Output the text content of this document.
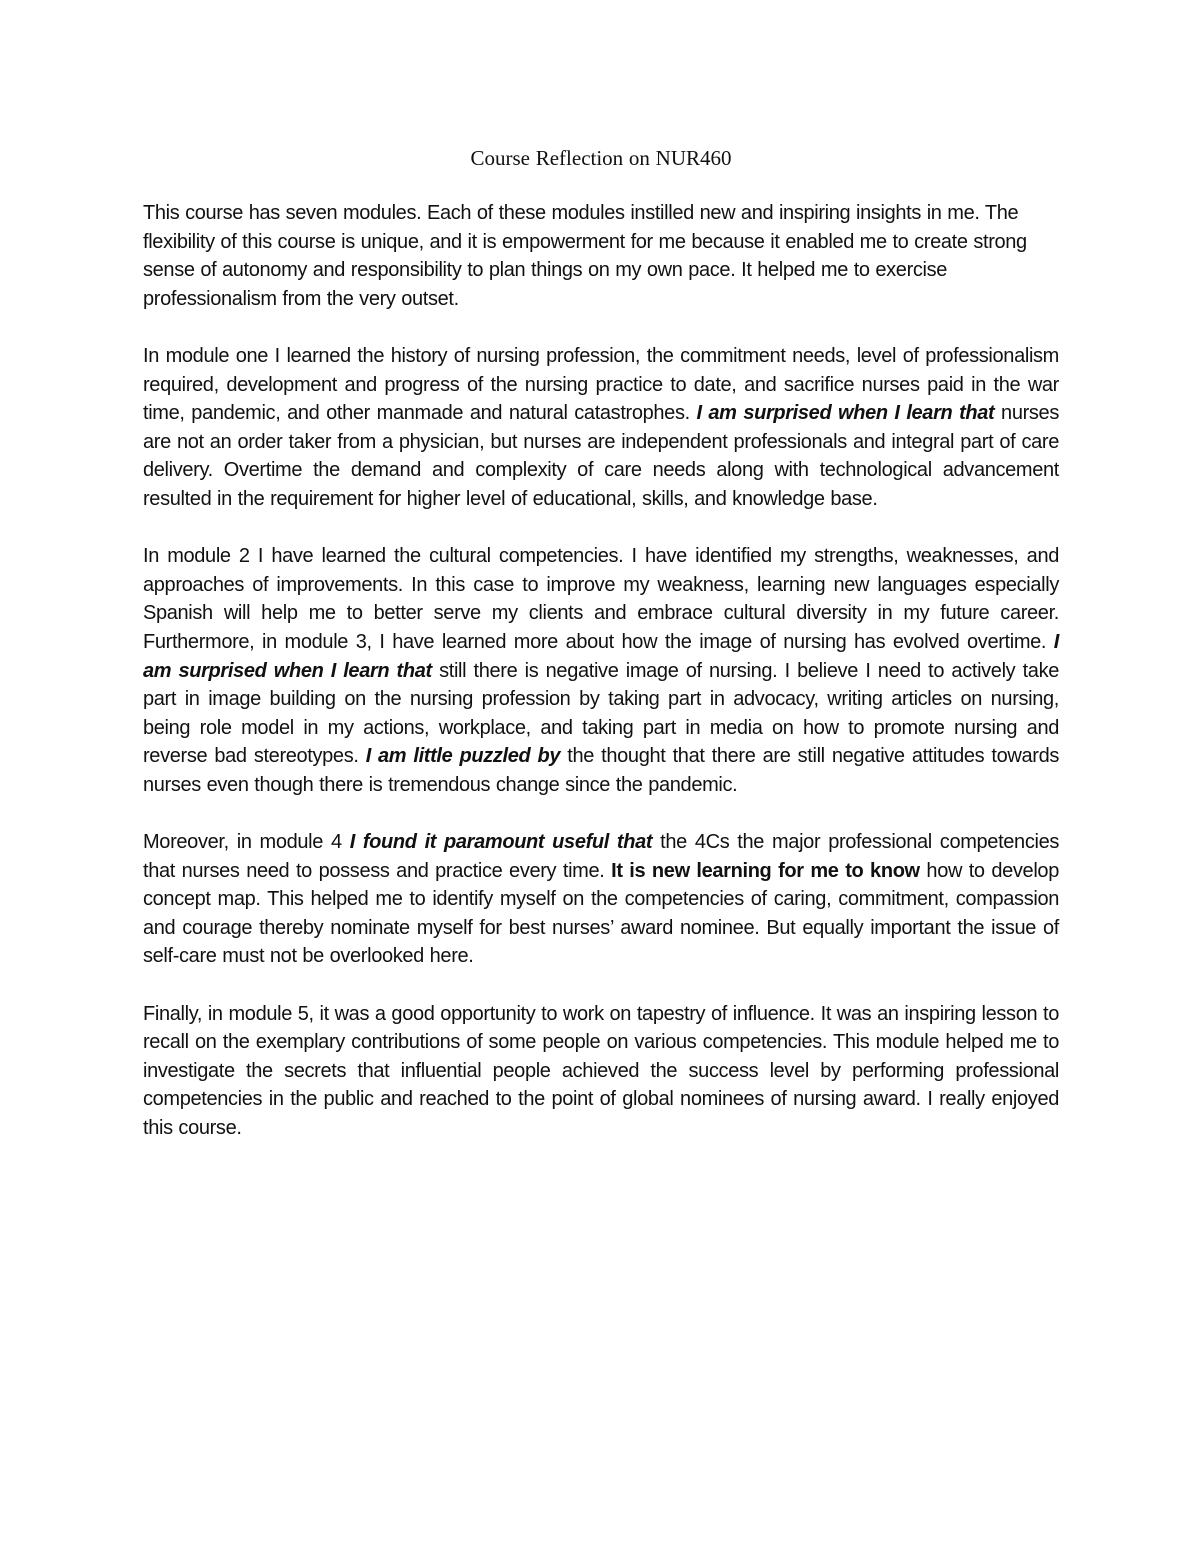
Course Reflection on NUR460

This course has seven modules. Each of these modules instilled new and inspiring insights in me. The flexibility of this course is unique, and it is empowerment for me because it enabled me to create strong sense of autonomy and responsibility to plan things on my own pace. It helped me to exercise professionalism from the very outset.

In module one I learned the history of nursing profession, the commitment needs, level of professionalism required, development and progress of the nursing practice to date, and sacrifice nurses paid in the war time, pandemic, and other manmade and natural catastrophes. I am surprised when I learn that nurses are not an order taker from a physician, but nurses are independent professionals and integral part of care delivery. Overtime the demand and complexity of care needs along with technological advancement resulted in the requirement for higher level of educational, skills, and knowledge base.

In module 2 I have learned the cultural competencies. I have identified my strengths, weaknesses, and approaches of improvements. In this case to improve my weakness, learning new languages especially Spanish will help me to better serve my clients and embrace cultural diversity in my future career. Furthermore, in module 3, I have learned more about how the image of nursing has evolved overtime. I am surprised when I learn that still there is negative image of nursing. I believe I need to actively take part in image building on the nursing profession by taking part in advocacy, writing articles on nursing, being role model in my actions, workplace, and taking part in media on how to promote nursing and reverse bad stereotypes. I am little puzzled by the thought that there are still negative attitudes towards nurses even though there is tremendous change since the pandemic.

Moreover, in module 4 I found it paramount useful that the 4Cs the major professional competencies that nurses need to possess and practice every time. It is new learning for me to know how to develop concept map. This helped me to identify myself on the competencies of caring, commitment, compassion and courage thereby nominate myself for best nurses’ award nominee. But equally important the issue of self-care must not be overlooked here.

Finally, in module 5, it was a good opportunity to work on tapestry of influence. It was an inspiring lesson to recall on the exemplary contributions of some people on various competencies. This module helped me to investigate the secrets that influential people achieved the success level by performing professional competencies in the public and reached to the point of global nominees of nursing award. I really enjoyed this course.
